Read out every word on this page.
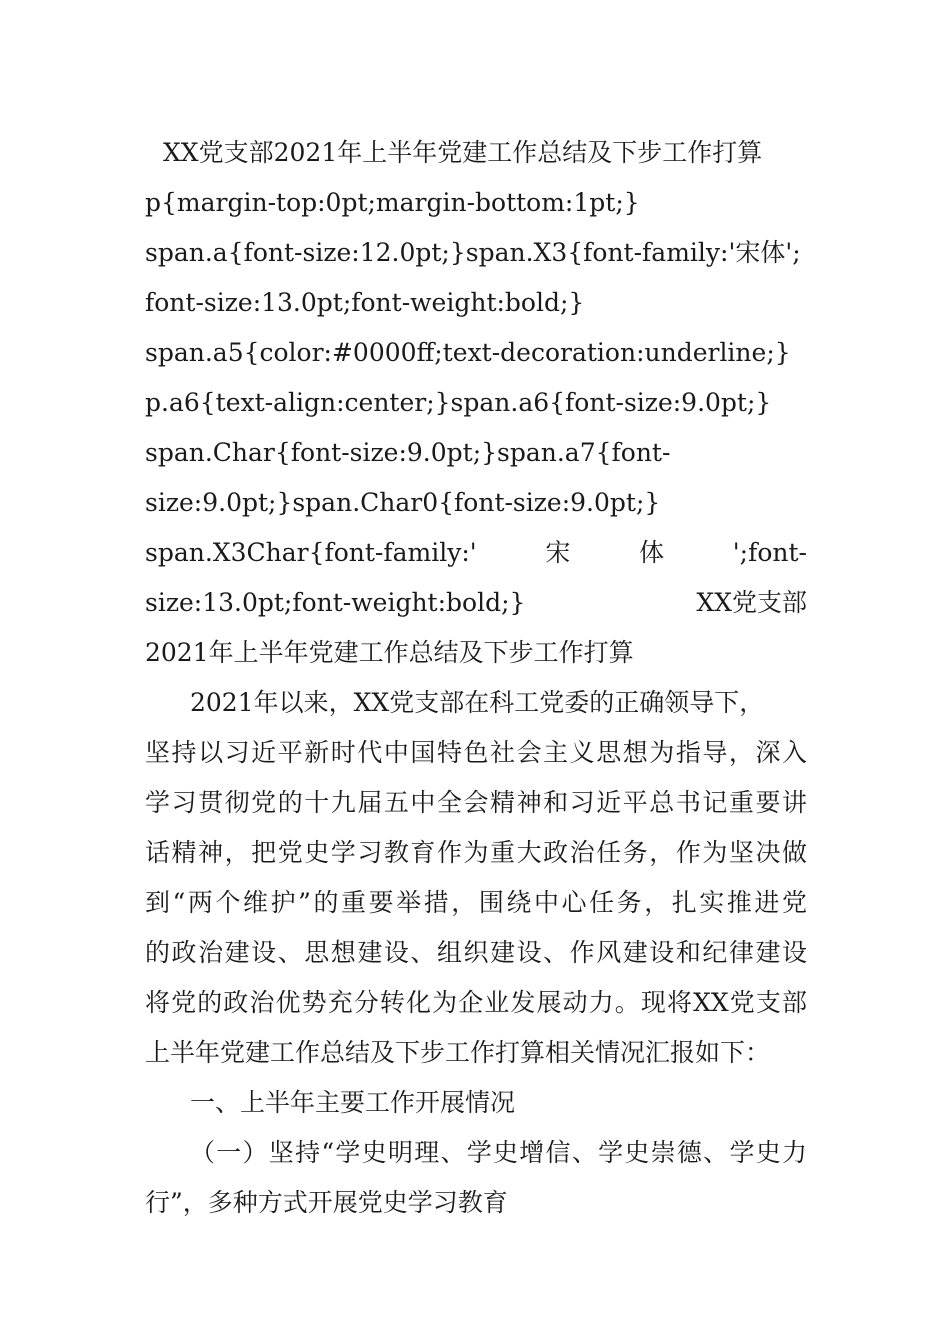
XX党支部2021年上半年党建工作总结及下步工作打算
p{margin-top:0pt;margin-bottom:1pt;}
span.a{font-size:12.0pt;}span.X3{font-family:'宋体';
font-size:13.0pt;font-weight:bold;}
span.a5{color:#0000ff;text-decoration:underline;}
p.a6{text-align:center;}span.a6{font-size:9.0pt;}
span.Char{font-size:9.0pt;}span.a7{font-
size:9.0pt;}span.Char0{font-size:9.0pt;}
span.X3Char{font-family:'	宋	体	';font-
size:13.0pt;font-weight:bold;}	XX党支部
2021年上半年党建工作总结及下步工作打算
2021年以来，XX党支部在科工党委的正确领导下，
坚持以习近平新时代中国特色社会主义思想为指导，深入
学习贯彻党的十九届五中全会精神和习近平总书记重要讲
话精神，把党史学习教育作为重大政治任务，作为坚决做
到“两个维护”的重要举措，围绕中心任务，扎实推进党
的政治建设、思想建设、组织建设、作风建设和纪律建设
将党的政治优势充分转化为企业发展动力。现将XX党支部
上半年党建工作总结及下步工作打算相关情况汇报如下：
一、上半年主要工作开展情况
（一）坚持“学史明理、学史增信、学史崇德、学史力
行”，多种方式开展党史学习教育
